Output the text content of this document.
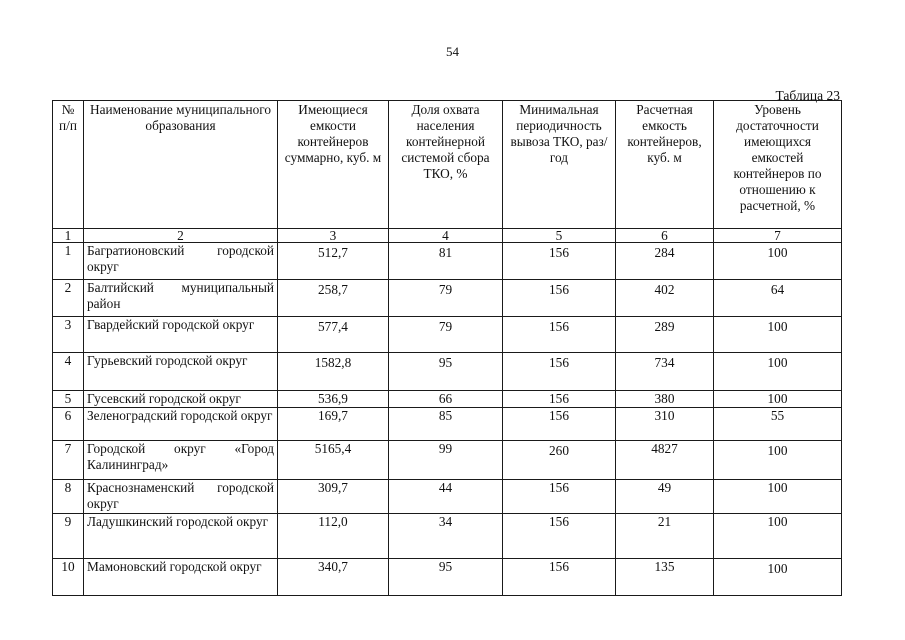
54
Таблица 23
№ п/п	Наименование муниципального образования	Имеющиеся емкости контейнеров суммарно, куб. м	Доля охвата населения контейнерной системой сбора ТКО, %	Минимальная периодичность вывоза ТКО, раз/год	Расчетная емкость контейнеров, куб. м	Уровень достаточности имеющихся емкостей контейнеров по отношению к расчетной, %
1	2	3	4	5	6	7
1	Багратионовский городской округ	512,7	81	156	284	100
2	Балтийский муниципальный район	258,7	79	156	402	64
3	Гвардейский городской округ	577,4	79	156	289	100
4	Гурьевский городской округ	1582,8	95	156	734	100
5	Гусевский городской округ	536,9	66	156	380	100
6	Зеленоградский городской округ	169,7	85	156	310	55
7	Городской округ «Город Калининград»	5165,4	99	260	4827	100
8	Краснознаменский городской округ	309,7	44	156	49	100
9	Ладушкинский городской округ	112,0	34	156	21	100
10	Мамоновский городской округ	340,7	95	156	135	100
